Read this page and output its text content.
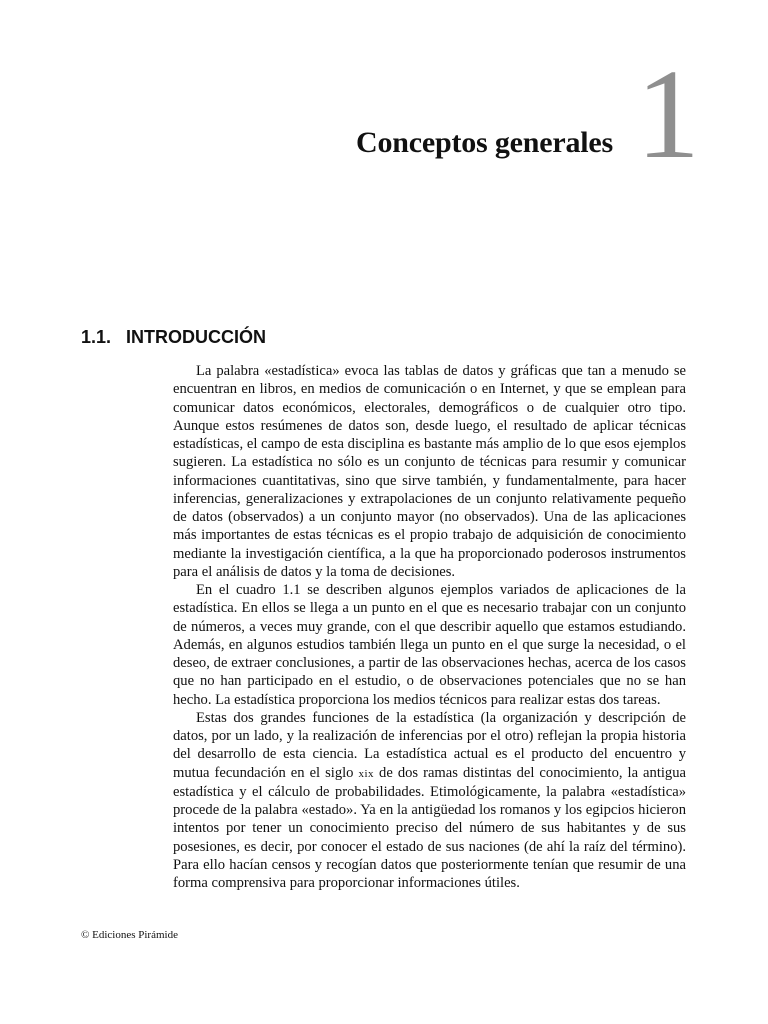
Conceptos generales 1
1.1. INTRODUCCIÓN

La palabra «estadística» evoca las tablas de datos y gráficas que tan a menudo se encuentran en libros, en medios de comunicación o en Internet, y que se emplean para comunicar datos económicos, electorales, demográficos o de cualquier otro tipo. Aunque estos resúmenes de datos son, desde luego, el resultado de aplicar técnicas estadísticas, el campo de esta disciplina es bastante más amplio de lo que esos ejemplos sugieren. La estadística no sólo es un conjunto de técnicas para resumir y comunicar informaciones cuantitativas, sino que sirve también, y fundamentalmente, para hacer inferencias, generalizaciones y extrapolaciones de un conjunto relativamente pequeño de datos (observados) a un conjunto mayor (no observados). Una de las aplicaciones más importantes de estas técnicas es el propio trabajo de adquisición de conocimiento mediante la investigación científica, a la que ha proporcionado poderosos instrumentos para el análisis de datos y la toma de decisiones.

En el cuadro 1.1 se describen algunos ejemplos variados de aplicaciones de la estadística. En ellos se llega a un punto en el que es necesario trabajar con un conjunto de números, a veces muy grande, con el que describir aquello que estamos estudiando. Además, en algunos estudios también llega un punto en el que surge la necesidad, o el deseo, de extraer conclusiones, a partir de las observaciones hechas, acerca de los casos que no han participado en el estudio, o de observaciones potenciales que no se han hecho. La estadística proporciona los medios técnicos para realizar estas dos tareas.

Estas dos grandes funciones de la estadística (la organización y descripción de datos, por un lado, y la realización de inferencias por el otro) reflejan la propia historia del desarrollo de esta ciencia. La estadística actual es el producto del encuentro y mutua fecundación en el siglo xix de dos ramas distintas del conocimiento, la antigua estadística y el cálculo de probabilidades. Etimológicamente, la palabra «estadística» procede de la palabra «estado». Ya en la antigüedad los romanos y los egipcios hicieron intentos por tener un conocimiento preciso del número de sus habitantes y de sus posesiones, es decir, por conocer el estado de sus naciones (de ahí la raíz del término). Para ello hacían censos y recogían datos que posteriormente tenían que resumir de una forma comprensiva para proporcionar informaciones útiles.

© Ediciones Pirámide
